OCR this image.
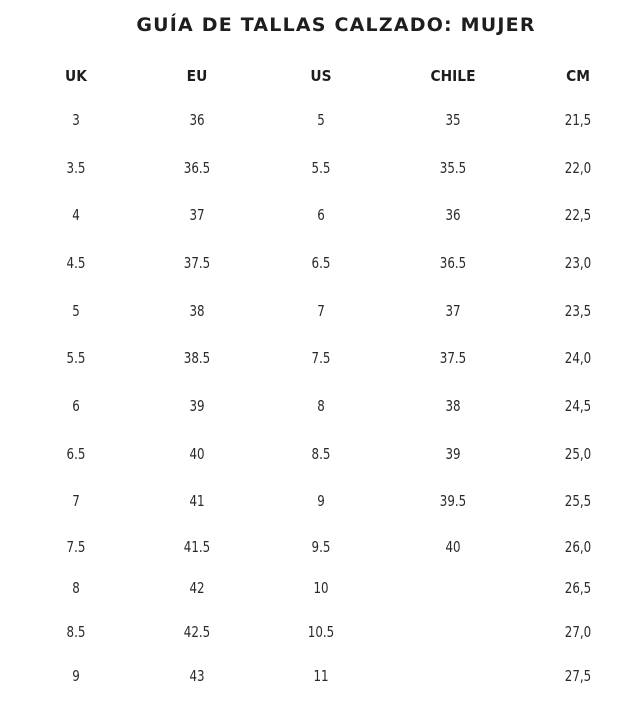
GUÍA DE TALLAS CALZADO: MUJER
UK
3
3.5
4
4.5
5
5.5
6
6.5
7
7.5
8
8.5
9
EU
36
36.5
37
37.5
38
38.5
39
40
41
41.5
42
42.5
43
US
5
5.5
6
6.5
7
7.5
8
8.5
9
9.5
10
10.5
11
CHILE
35
35.5
36
36.5
37
37.5
38
39
39.5
40
CM
21,5
22,0
22,5
23,0
23,5
24,0
24,5
25,0
25,5
26,0
26,5
27,0
27,5
